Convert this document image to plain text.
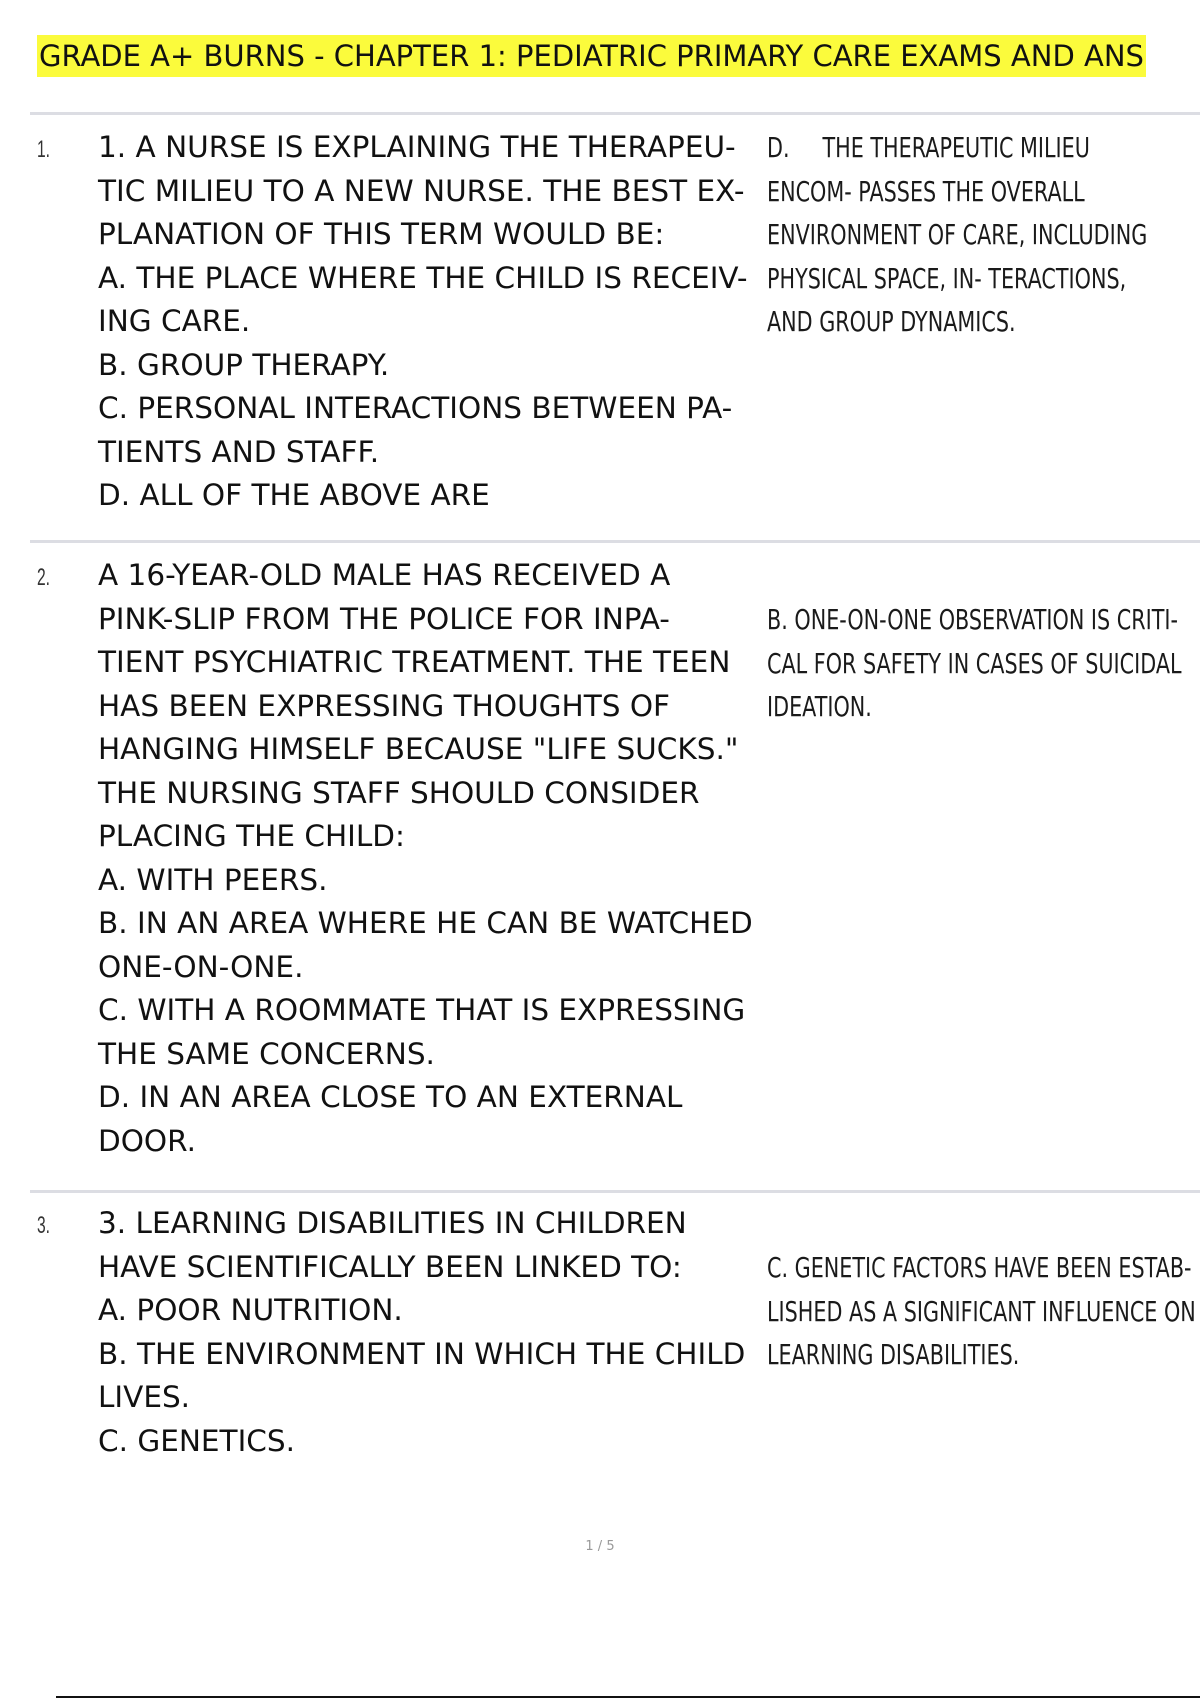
GRADE A+ BURNS - CHAPTER 1: PEDIATRIC PRIMARY CARE EXAMS AND ANS
1. 1. A NURSE IS EXPLAINING THE THERAPEU-
TIC MILIEU TO A NEW NURSE. THE BEST EX-
PLANATION OF THIS TERM WOULD BE:
A. THE PLACE WHERE THE CHILD IS RECEIV-
ING CARE.
B. GROUP THERAPY.
C. PERSONAL INTERACTIONS BETWEEN PA-
TIENTS AND STAFF.
D. ALL OF THE ABOVE ARE
D.     THE THERAPEUTIC MILIEU
ENCOM- PASSES THE OVERALL
ENVIRONMENT OF CARE, INCLUDING
PHYSICAL SPACE, IN- TERACTIONS,
AND GROUP DYNAMICS.
2. A 16-YEAR-OLD MALE HAS RECEIVED A
PINK-SLIP FROM THE POLICE FOR INPA-
TIENT PSYCHIATRIC TREATMENT. THE TEEN
HAS BEEN EXPRESSING THOUGHTS OF
HANGING HIMSELF BECAUSE "LIFE SUCKS."
THE NURSING STAFF SHOULD CONSIDER
PLACING THE CHILD:
A. WITH PEERS.
B. IN AN AREA WHERE HE CAN BE WATCHED
ONE-ON-ONE.
C. WITH A ROOMMATE THAT IS EXPRESSING
THE SAME CONCERNS.
D. IN AN AREA CLOSE TO AN EXTERNAL
DOOR.
B. ONE-ON-ONE OBSERVATION IS CRITI-
CAL FOR SAFETY IN CASES OF SUICIDAL
IDEATION.
3. 3. LEARNING DISABILITIES IN CHILDREN
HAVE SCIENTIFICALLY BEEN LINKED TO:
A. POOR NUTRITION.
B. THE ENVIRONMENT IN WHICH THE CHILD
LIVES.
C. GENETICS.
C. GENETIC FACTORS HAVE BEEN ESTAB-
LISHED AS A SIGNIFICANT INFLUENCE ON
LEARNING DISABILITIES.
1 / 5
